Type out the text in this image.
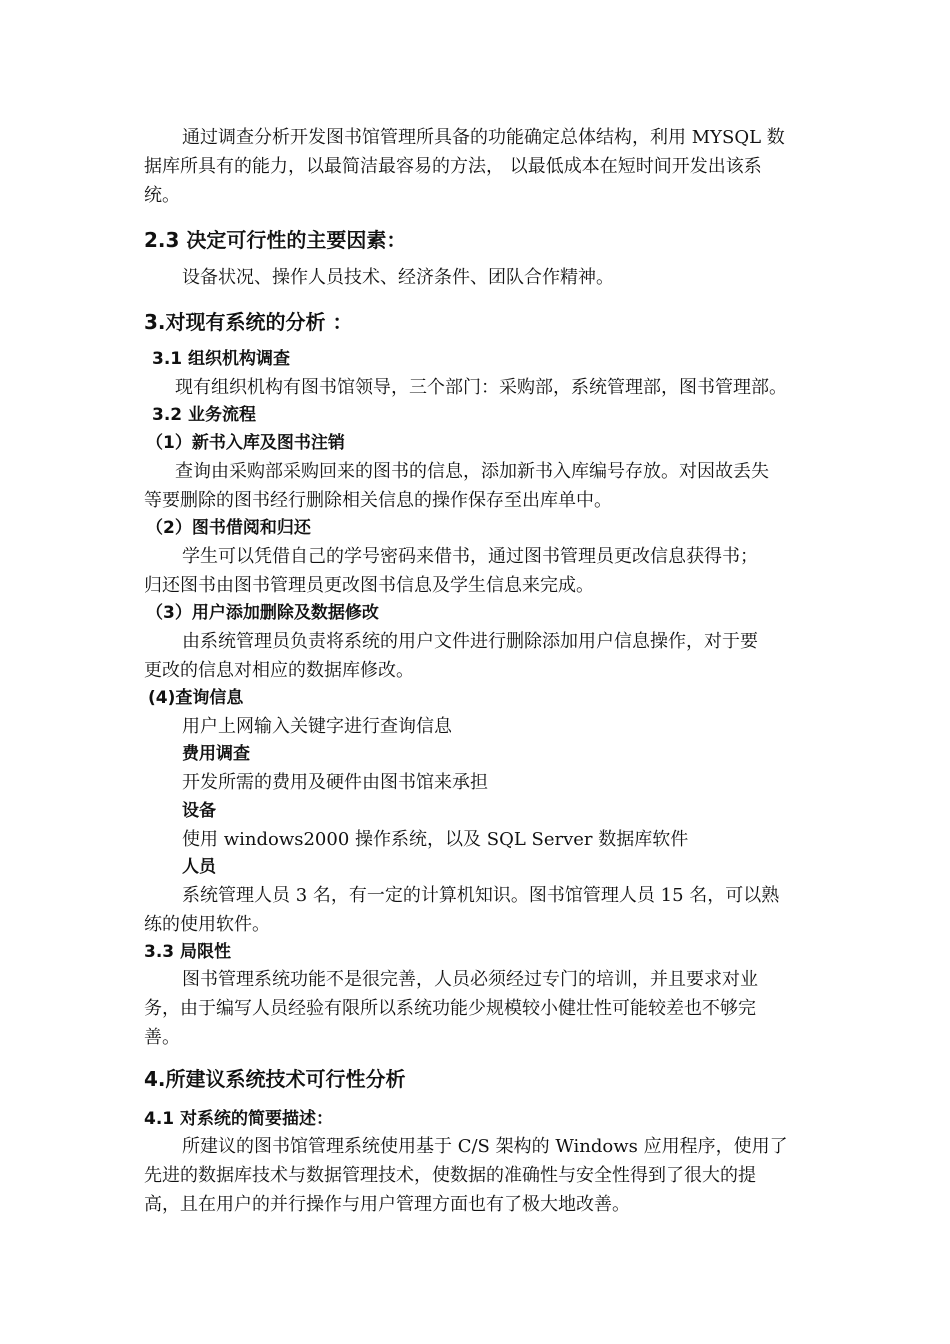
通过调查分析开发图书馆管理所具备的功能确定总体结构，利用 MYSQL 数
据库所具有的能力，以最简洁最容易的方法， 以最低成本在短时间开发出该系
统。
2.3 决定可行性的主要因素：
设备状况、操作人员技术、经济条件、团队合作精神。
3.对现有系统的分析 ：
3.1 组织机构调查
现有组织机构有图书馆领导，三个部门：采购部，系统管理部，图书管理部。
3.2 业务流程
（1）新书入库及图书注销
查询由采购部采购回来的图书的信息，添加新书入库编号存放。对因故丢失
等要删除的图书经行删除相关信息的操作保存至出库单中。
（2）图书借阅和归还
学生可以凭借自己的学号密码来借书，通过图书管理员更改信息获得书；
归还图书由图书管理员更改图书信息及学生信息来完成。
（3）用户添加删除及数据修改
由系统管理员负责将系统的用户文件进行删除添加用户信息操作，对于要
更改的信息对相应的数据库修改。
(4)查询信息
用户上网输入关键字进行查询信息
费用调查
开发所需的费用及硬件由图书馆来承担
设备
使用 windows2000 操作系统，以及 SQL Server 数据库软件
人员
系统管理人员 3 名，有一定的计算机知识。图书馆管理人员 15 名，可以熟
练的使用软件。
3.3 局限性
图书管理系统功能不是很完善，人员必须经过专门的培训，并且要求对业
务，由于编写人员经验有限所以系统功能少规模较小健壮性可能较差也不够完
善。
4.所建议系统技术可行性分析
4.1 对系统的简要描述：
所建议的图书馆管理系统使用基于 C/S 架构的 Windows 应用程序，使用了
先进的数据库技术与数据管理技术，使数据的准确性与安全性得到了很大的提
高，且在用户的并行操作与用户管理方面也有了极大地改善。
